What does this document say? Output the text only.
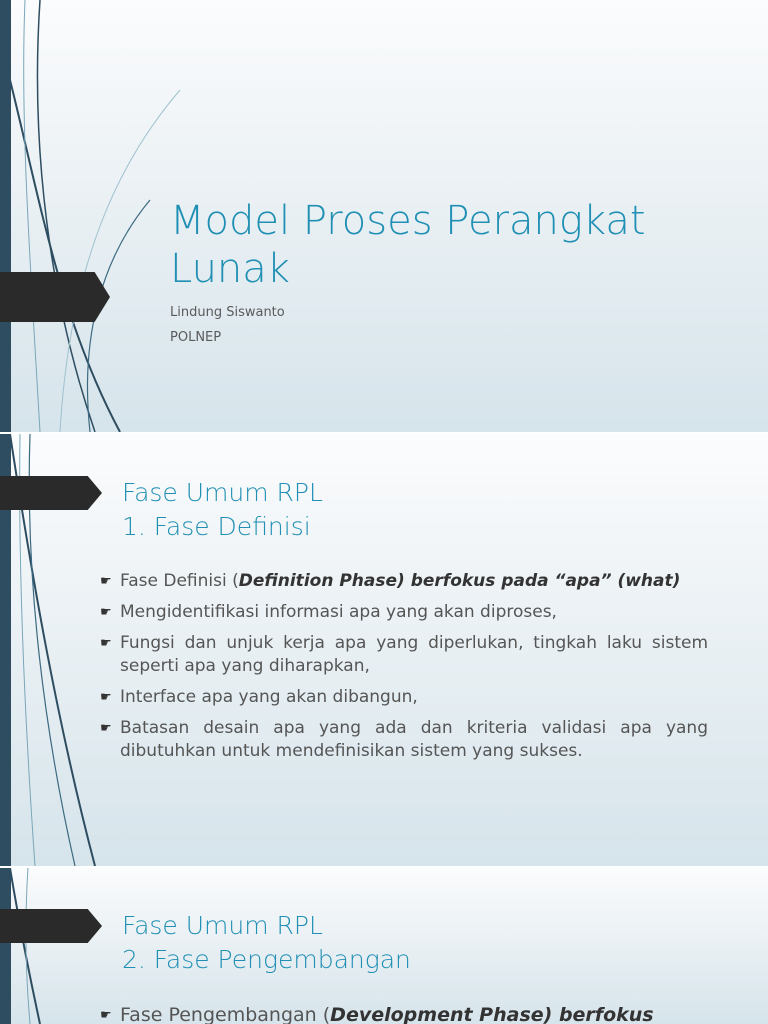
Model Proses Perangkat Lunak

Lindung Siswanto

POLNEP

Fase Umum RPL
1. Fase Definisi
☛ Fase Definisi (Definition Phase) berfokus pada “apa” (what)
☛ Mengidentifikasi informasi apa yang akan diproses,
☛ Fungsi dan unjuk kerja apa yang diperlukan, tingkah laku sistem seperti apa yang diharapkan,
☛ Interface apa yang akan dibangun,
☛ Batasan desain apa yang ada dan kriteria validasi apa yang dibutuhkan untuk mendefinisikan sistem yang sukses.
Fase Umum RPL
2. Fase Pengembangan
☛ Fase Pengembangan (Development Phase) berfokus
